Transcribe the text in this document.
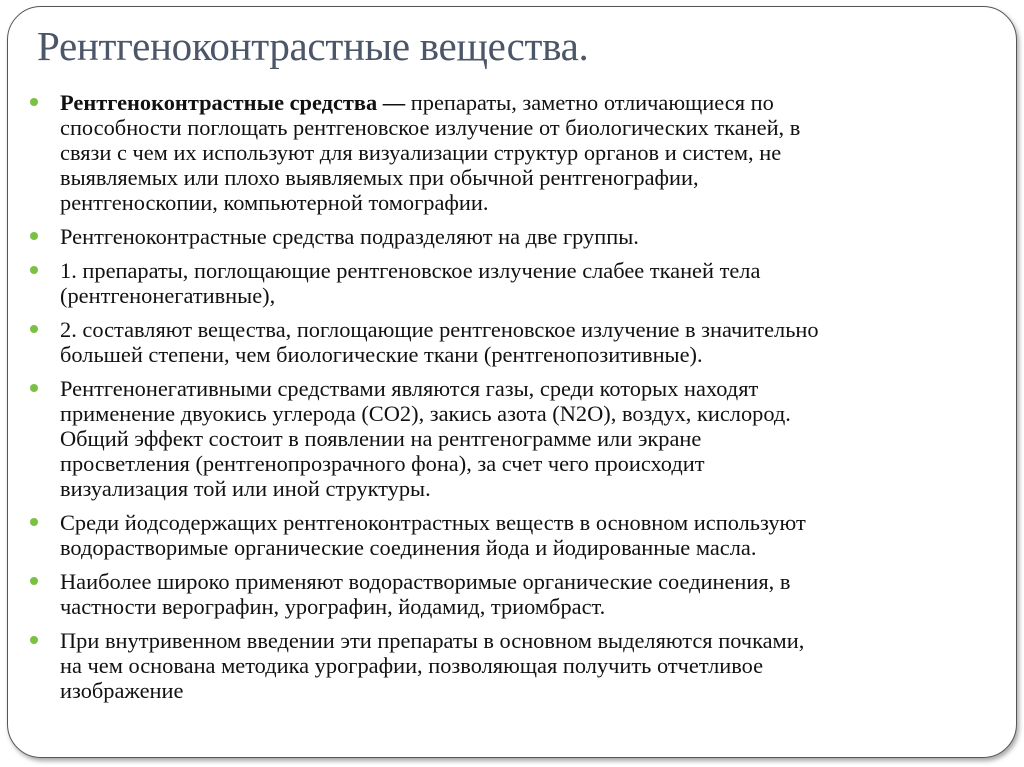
Рентгеноконтрастные вещества.
Рентгеноконтрастные средства — препараты, заметно отличающиеся по
способности поглощать рентгеновское излучение от биологических тканей, в
связи с чем их используют для визуализации структур органов и систем, не
выявляемых или плохо выявляемых при обычной рентгенографии,
рентгеноскопии, компьютерной томографии.
Рентгеноконтрастные средства подразделяют на две группы.
1. препараты, поглощающие рентгеновское излучение слабее тканей тела
(рентгенонегативные),
2. составляют вещества, поглощающие рентгеновское излучение в значительно
большей степени, чем биологические ткани (рентгенопозитивные).
Рентгенонегативными средствами являются газы, среди которых находят
применение двуокись углерода (CO2), закись азота (N2O), воздух, кислород.
Общий эффект состоит в появлении на рентгенограмме или экране
просветления (рентгенопрозрачного фона), за счет чего происходит
визуализация той или иной структуры.
Среди йодсодержащих рентгеноконтрастных веществ в основном используют
водорастворимые органические соединения йода и йодированные масла.
Наиболее широко применяют водорастворимые органические соединения, в
частности верографин, урографин, йодамид, триомбраст.
При внутривенном введении эти препараты в основном выделяются почками,
на чем основана методика урографии, позволяющая получить отчетливое
изображение
